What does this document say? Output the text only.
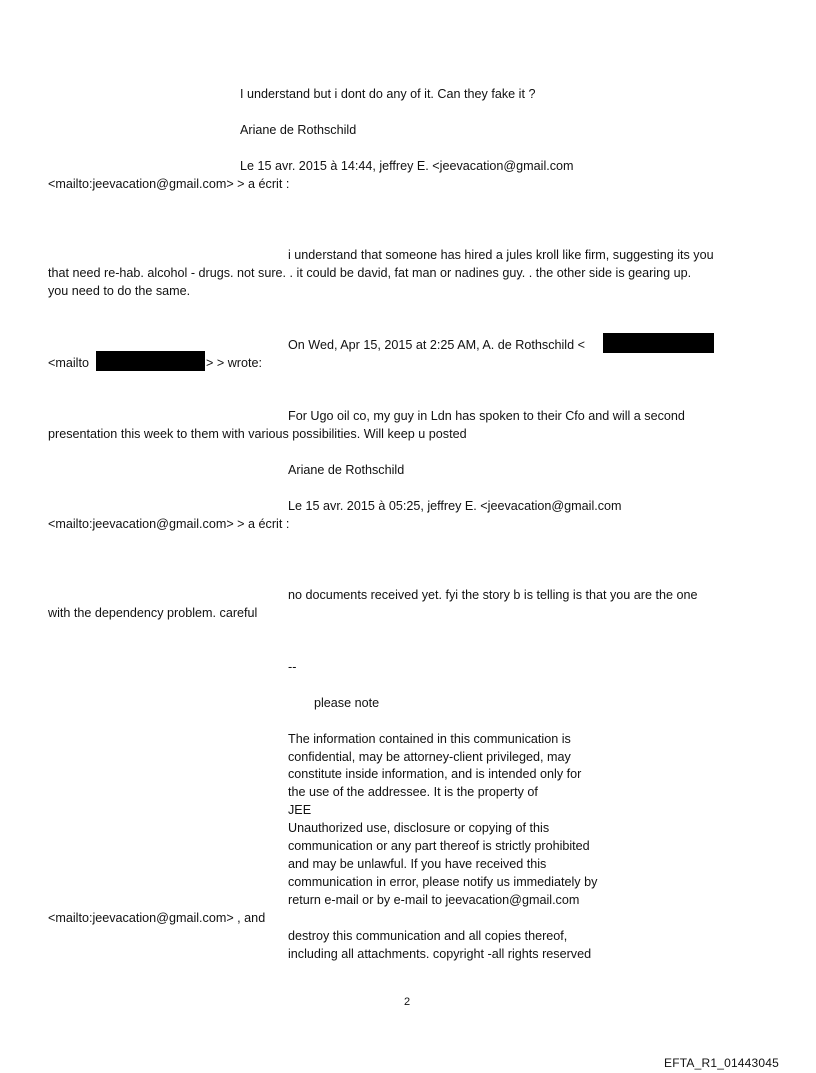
I understand but i dont do any of it. Can they fake it ?
Ariane de Rothschild
Le 15 avr. 2015 à 14:44, jeffrey E. <jeevacation@gmail.com
<mailto:jeevacation@gmail.com> > a écrit :
i understand that someone has hired a jules kroll like firm, suggesting its you
that need re-hab. alcohol - drugs. not sure. . it could be david, fat man or nadines guy. . the other side is gearing up.
you need to do the same.
On Wed, Apr 15, 2015 at 2:25 AM, A. de Rothschild <
<mailto	> > wrote:
For Ugo oil co, my guy in Ldn has spoken to their Cfo and will a second
presentation this week to them with various possibilities. Will keep u posted
Ariane de Rothschild
Le 15 avr. 2015 à 05:25, jeffrey E. <jeevacation@gmail.com
<mailto:jeevacation@gmail.com> > a écrit :
no documents received yet. fyi the story b is telling is that you are the one
with the dependency problem. careful
--
please note
The information contained in this communication is
confidential, may be attorney-client privileged, may
constitute inside information, and is intended only for
the use of the addressee. It is the property of
JEE
Unauthorized use, disclosure or copying of this
communication or any part thereof is strictly prohibited
and may be unlawful. If you have received this
communication in error, please notify us immediately by
return e-mail or by e-mail to jeevacation@gmail.com
<mailto:jeevacation@gmail.com> , and
destroy this communication and all copies thereof,
including all attachments. copyright -all rights reserved
2
EFTA_R1_01443045
